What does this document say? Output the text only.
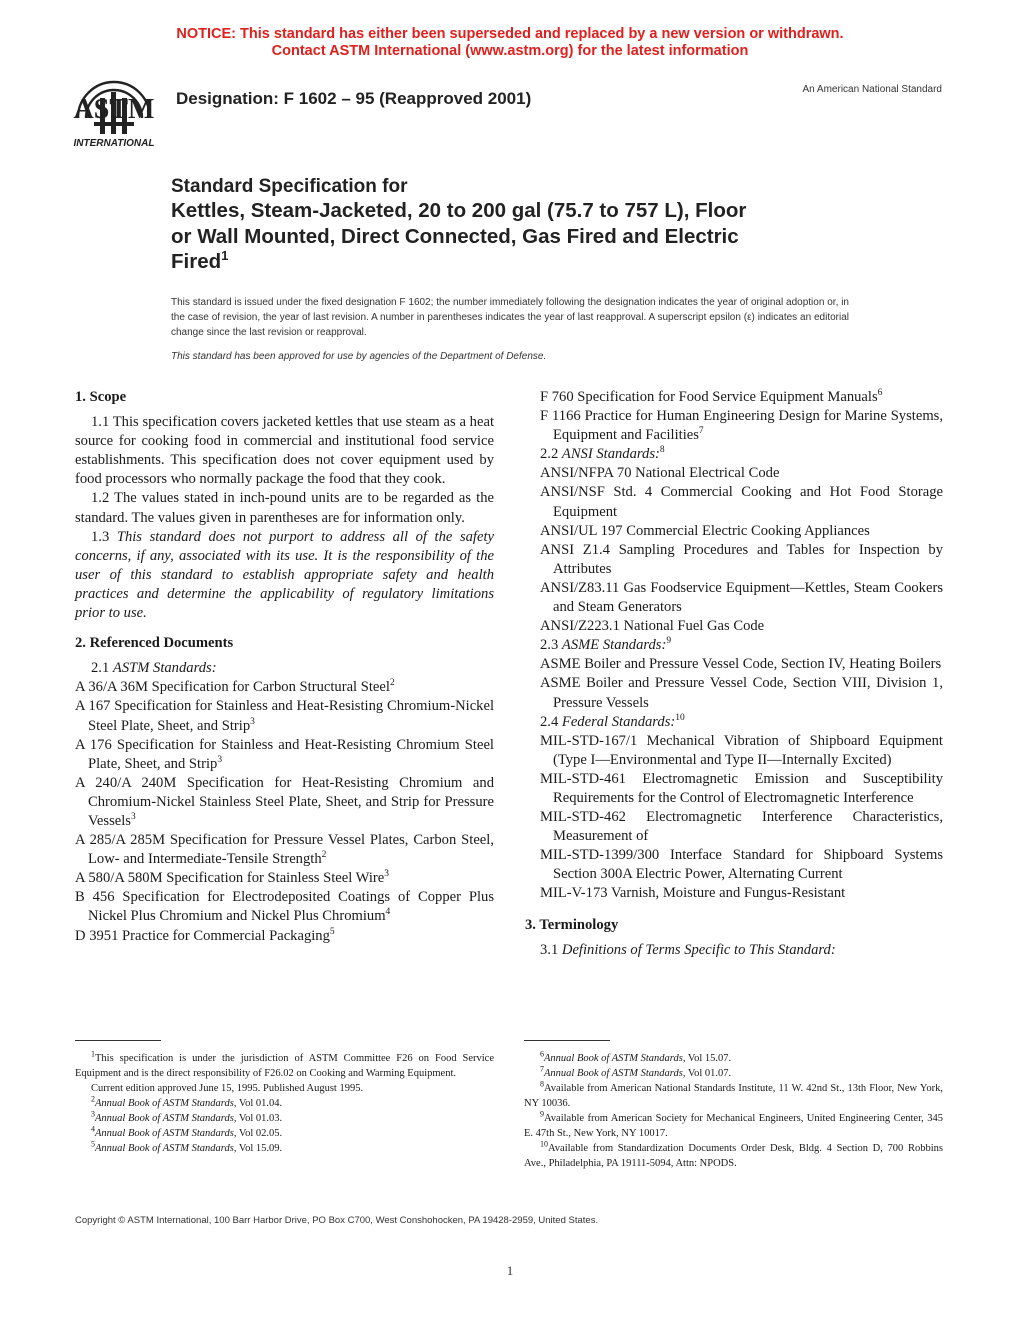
NOTICE: This standard has either been superseded and replaced by a new version or withdrawn.
Contact ASTM International (www.astm.org) for the latest information
ASTM
INTERNATIONAL
Designation: F 1602 – 95 (Reapproved 2001)	An American National Standard
Standard Specification for
Kettles, Steam-Jacketed, 20 to 200 gal (75.7 to 757 L), Floor
or Wall Mounted, Direct Connected, Gas Fired and Electric
Fired$^1$
This standard is issued under the fixed designation F 1602; the number immediately following the designation indicates the year of original adoption or, in the case of revision, the year of last revision. A number in parentheses indicates the year of last reapproval. A superscript epsilon (ε) indicates an editorial change since the last revision or reapproval.
This standard has been approved for use by agencies of the Department of Defense.
1. Scope

1.1 This specification covers jacketed kettles that use steam as a heat source for cooking food in commercial and institutional food service establishments. This specification does not cover equipment used by food processors who normally package the food that they cook.

1.2 The values stated in inch-pound units are to be regarded as the standard. The values given in parentheses are for information only.

1.3 This standard does not purport to address all of the safety concerns, if any, associated with its use. It is the responsibility of the user of this standard to establish appropriate safety and health practices and determine the applicability of regulatory limitations prior to use.

2. Referenced Documents

2.1 ASTM Standards:

A 36/A 36M Specification for Carbon Structural Steel$^2$

A 167 Specification for Stainless and Heat-Resisting Chromium-Nickel Steel Plate, Sheet, and Strip$^3$

A 176 Specification for Stainless and Heat-Resisting Chromium Steel Plate, Sheet, and Strip$^3$

A 240/A 240M Specification for Heat-Resisting Chromium and Chromium-Nickel Stainless Steel Plate, Sheet, and Strip for Pressure Vessels$^3$

A 285/A 285M Specification for Pressure Vessel Plates, Carbon Steel, Low- and Intermediate-Tensile Strength$^2$

A 580/A 580M Specification for Stainless Steel Wire$^3$

B 456 Specification for Electrodeposited Coatings of Copper Plus Nickel Plus Chromium and Nickel Plus Chromium$^4$

D 3951 Practice for Commercial Packaging$^5$

F 760 Specification for Food Service Equipment Manuals$^6$

F 1166 Practice for Human Engineering Design for Marine Systems, Equipment and Facilities$^7$

2.2 ANSI Standards:$^8$

ANSI/NFPA 70 National Electrical Code

ANSI/NSF Std. 4 Commercial Cooking and Hot Food Storage Equipment

ANSI/UL 197 Commercial Electric Cooking Appliances

ANSI Z1.4 Sampling Procedures and Tables for Inspection by Attributes

ANSI/Z83.11 Gas Foodservice Equipment—Kettles, Steam Cookers and Steam Generators

ANSI/Z223.1 National Fuel Gas Code

2.3 ASME Standards:$^9$

ASME Boiler and Pressure Vessel Code, Section IV, Heating Boilers

ASME Boiler and Pressure Vessel Code, Section VIII, Division 1, Pressure Vessels

2.4 Federal Standards:$^{10}$

MIL-STD-167/1 Mechanical Vibration of Shipboard Equipment (Type I—Environmental and Type II—Internally Excited)

MIL-STD-461 Electromagnetic Emission and Susceptibility Requirements for the Control of Electromagnetic Interference

MIL-STD-462 Electromagnetic Interference Characteristics, Measurement of

MIL-STD-1399/300 Interface Standard for Shipboard Systems Section 300A Electric Power, Alternating Current

MIL-V-173 Varnish, Moisture and Fungus-Resistant

3. Terminology

3.1 Definitions of Terms Specific to This Standard:

$^1$This specification is under the jurisdiction of ASTM Committee F26 on Food Service Equipment and is the direct responsibility of F26.02 on Cooking and Warming Equipment.

Current edition approved June 15, 1995. Published August 1995.

$^2$Annual Book of ASTM Standards, Vol 01.04.

$^3$Annual Book of ASTM Standards, Vol 01.03.

$^4$Annual Book of ASTM Standards, Vol 02.05.

$^5$Annual Book of ASTM Standards, Vol 15.09.

$^6$Annual Book of ASTM Standards, Vol 15.07.

$^7$Annual Book of ASTM Standards, Vol 01.07.

$^8$Available from American National Standards Institute, 11 W. 42nd St., 13th Floor, New York, NY 10036.

$^9$Available from American Society for Mechanical Engineers, United Engineering Center, 345 E. 47th St., New York, NY 10017.

$^{10}$Available from Standardization Documents Order Desk, Bldg. 4 Section D, 700 Robbins Ave., Philadelphia, PA 19111-5094, Attn: NPODS.

Copyright © ASTM International, 100 Barr Harbor Drive, PO Box C700, West Conshohocken, PA 19428-2959, United States.
1
